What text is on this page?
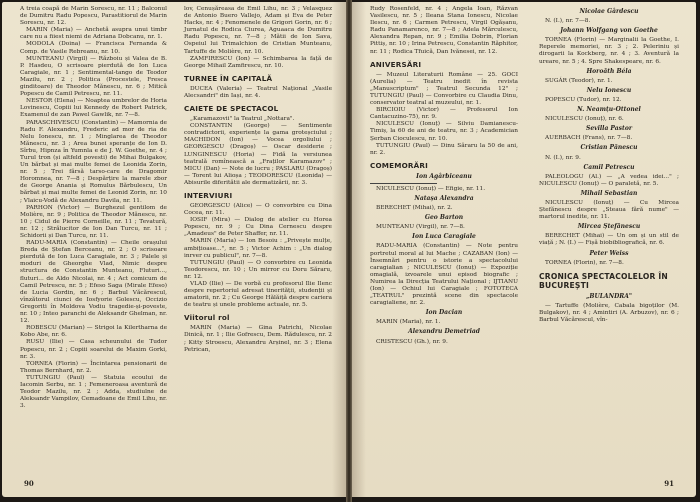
A treia coapă de Marin Sorescu, nr. 11 ; Balconul de Dumitru Radu Popescu, Parastitiorul de Marin Sorescu, nr. 12.

MARIN (Maria) — Anchetă asupra unui timbr care nu a fiiest niemi de Adriana Dobcanu, nr. 1.

MODOLA (Doina) — Francisca Fernanda & Comp. de Vasile Rebreanu, nr. 10.

MUNTEANU (Virgil) — Războiu și Valea de B. P. Hasdeu, O scrisoare pierdută de Ion Luca Caragiale, nr. 1 ; Sentimental-tango de Teodor Mazilu, nr. 2 ; Politica (Procestele, Fresca ginditoare) de Theodor Mănescu, nr. 6 ; Mitică Popescu de Camil Petrescu, nr. 11.

NESTOR (Elena) — Noaptea umbrelor de Horia Lovinescu, Copiii lui Kennedy de Robert Patrick, Examenul de zan Pawel Gawlik, nr. 7—8.

PARASCHIVESCU (Constantin) — Mamornia de Radu F. Alexandru, Frederic ad mor de ria de Nelu Ionescu, nr. 1 ; Minglarea de Theodor Mănescu, nr. 3 ; Area bunei speranțe de Ion D. Sîrbu, Hipnza în Yumnla e de J. W. Goethe, nr. 4 ; Turul tron (și altfeld povesti) de Mihai Bulgakov, Un bărbat și mai multe femei de Leonida Zorin, nr. 5 ; Trei fărsă tarso-care de Dragomir Horomnea, nr. 7—8 ; Despărțire la marele zbor de George Anania și Romulus Bărbulescu, Un bărbat și mai multe femei de Leonid Zorin, nr. 10 ; Vlaicu-Vodă de Alexandru Davila, nr. 11.

PARHON (Victor) — Burghezul gentilom de Molière, nr. 9 ; Politica de Theodor Mănescu, nr. 10 ; Cidul de Pierre Corneille, nr. 11 ; Tevatură, nr. 12 ; Strălucitor de Ion Dan Turcu, nr. 11 ; Schidorii și Dan Turcu, nr. 11.

RADU-MARIA (Constantin) — Cheile orașului Breda de Ștefan Berceanu, nr. 2 ; O scrisoare pierdută de Ion Luca Caragiale, nr. 3 ; Palele și moduri de Gheorghe Vlad, Nimic despre structura de Constantin Munteanu, Fluturi..., fluturi... de Aldo Nicolai, nr. 4 ; Act comicum de Camil Petrescu, nr. 5 ; Efeso Saga (Mirale Efeso) de Lucia Gordin, nr. 6 ; Barbul Văcărescul, vînzătorul ciunci de Iosfyorie Golescu, Occizio Gregoriti în Moldova Vodiu tragedie-și-poveste, nr. 10 ; Inteo paranchi de Aleksandr Ghelman, nr. 12.

ROBESCU (Marian) — Strigoi la Kilertharna de Kobo Abe, nr. 6.

RUSU (Ilie) — Casa scheunului de Tudor Popescu, nr. 2 ; Copiii soarelui de Maxim Gorki, nr. 3.

TORNEA (Florin) — Încintarea pensionarii de Thomas Bernhard, nr. 2.

TUTUNGIU (Paul) — Statuia ecoului de Iacomin Serbu, nr. 1 ; Femeneroasa aventură de Teodor Mazilu, nr. 2 ; Adda, studiulne de Aleksandr Vampilov, Cemadoane de Emil Lihu, nr. 3.

lov, Cenușăreasa de Emil Lihu, nr. 3 ; Velasquez de Antonio Buero Vallejo, Adam și Eva de Peter Hacks, nr. 4 ; Fenomenele de Grigori Gorin, nr. 6 ; Jurnatul de Rodica Ciurea, Aguaaca de Dumitru Radu Popescu, nr. 7—8 ; Mătii de Ion Sava, Ospeiul lui Trimalchion de Cristian Munteanu, Tartuffe de Molière, nr. 10.

ZAMFIRESCU (Ion) — Schimbarea la față de George Mihail Zamfirescu, nr. 10.

TURNEE ÎN CAPITALĂ

DUCEA (Valeria) — Teatrul Național „Vasile Alecsandri" din Iași, nr. 4.

CAIETE DE SPECTACOL

„Karamazovii" la Teatrul „Nottara".

CONSTANTIN (George) — Sentimente contradictorii, experiențe la gama groteșciului ; MACHIDON (Ion) — Vocea orgoliului ; GEORGESCU (Dragoș) — Oscar desiderie ; LUNGINESCU (Horia) — Fidă la versiunea teatrală romînească a „Fraților Karamazov" ; MICU (Dan) — Note de lucru ; PASLARU (Dragoș) — Torent lui Alioșa ; TEODORESCU (Leonida) — Abisurile diferitătii ale dermatizării, nr. 3.

INTERVIURI

GEORGESCU (Alice) — O convorbire cu Dina Cocea, nr. 11.

IOSIF (Mira) — Dialog de atelier cu Horea Popescu, nr. 9 ; Cu Dina Cernescu despre „Amadeus" de Peter Shaffer, nr. 11.

MARIN (Maria) — Ion Besoiu : „Privește mulțe, ambițioase...", nr. 5 ; Victor Achim : „Un dialog inrver cu publicul", nr. 7—8.

TUTUNGIU (Paul) — O convorbire cu Leonida Teodorescu, nr. 10 ; Un mirror cu Doru Săraru, nr. 12.

VLAD (Ilie) — De vorbă cu profesorul Ilie Ilenc despre repertoriul adresat tinerității, studenții și amatorii, nr. 2 ; Cu George Hălăiță despre cariera de teatru și unele probleme actuale, nr. 5.

Viitorul rol

MARIN (Maria) — Gina Patrichi, Nicolae Dinică, nr. 1 ; Ilie Gofrescu, Dem. Rădulescu, nr. 2 ; Kitty Stroescu, Alexandru Arșinel, nr. 3 ; Elena Petrican,

90

Rudy Rosenfeld, nr. 4 ; Angela Ioan, Răzvan Vasilescu, nr. 5 ; Ileana Stana Ionescu, Nicolae Ilescu, nr. 6 ; Carmen Petrescu, Virgil Ogășanu, Radu Panamarenco, nr. 7—8 ; Adela Mărculescu, Alexandra Repan, nr. 9 ; Emilia Dobrin, Florian Pittiș, nr. 10 ; Irina Petrescu, Constantin Răphitor, nr. 11 ; Rodica Tfuică, Dan Ivănesei, nr. 12.

ANIVERSĂRI

— Muzeul Literaturii Române — 25. GOCI (Aurelia) — Teatru inedit în revista „Manuscriptum" ; Teatrul Secunda 12" ; TUTUNGIU (Paul) — Convorbire cu Claudia Dinu, conservator teatral al muzeului, nr. 1.

BIRCIOIU (Victor) — Profesorul Ion Cantacuzino-75), nr. 9.

NICULESCU (Ionuț) — Silviu Damianescu-Timiș, la 60 de ani de teatru, nr. 3 ; Academician Șerban Cioculescu, nr. 10.

TUTUNGIU (Paul) — Dinu Săraru la 50 de ani, nr. 2.

COMEMORĂRI
Ion Agârbiceanu

NICULESCU (Ionuț) — Efigie, nr. 11.

Natașa Alexandra

BERECHET (Mihai), nr. 2.

Geo Barton

MUNTEANU (Virgil), nr. 7—8.

Ion Luca Caragiale

RADU-MARIA (Constantin) — Note pentru portretul moral al lui Mache ; CAZABAN (Ion) — Însemnări pentru o istorie a spectacolului caragialian ; NICULESCU (Ionuț) — Expoziție omagială, izvoarele unui episod biografic ; Numirea la Direcția Teatrului Național ; IJTIANU (Ion) — Ochiul lui Caragiale ; FOTOTECA „TEATRUL" prezintă scene din spectacole caragialiene, nr. 2.

Ion Dacian

MARIN (Maria), nr. 1.

Alexandru Demetriad

CRISTESCU (Gh.), nr. 9.

Nicolae Gârdescu

N. (I.), nr. 7—8.

Johann Wolfgang von Goethe

TORNEA (Florin) — Marginalii la Goethe, I. Reperele memoriei, nr. 3 ; 2. Peleriniu și dirogarii la Kockberg, nr. 4 ; 3. Aventură la ureare, nr. 5 ; 4. Spre Shakespeare, nr. 6.

Horoăth Béla

SUGÁR (Teodor), nr. 1.

Nelu Ionescu

POPESCU (Tudor), nr. 12.

N. Neamțu-Ottonel

NICULESCU (Ionuț), nr. 6.

Sevilla Pastor

AUERBACH (Frans), nr. 7—8.

Cristian Pănescu

N. (I.), nr. 9.

Camil Petrescu

PALEOLOGU (Al.) — „A vedea idei..." ; NICULESCU (Ionuț) — O paraletă, nr. 5.

Mihail Sebastian

NICULESCU (Ionuț) — Cu Mircea Ștefănescu despre „Steaua fără nume" — martorul inedite, nr. 11.

Mircea Ștefănescu

BERECHET (Mihai) — Un om și un stil de viață ; N. (I.) — Fișă biobibliografică, nr. 6.

Peter Weiss

TORNEA (Florin), nr. 7—8.

CRONICA SPECTACOLELOR ÎN BUCUREȘTI
„BULANDRA"

— Tartuffe (Molière, Cabala bigoților (M. Bulgakov), nr. 4 ; Amintiri (A. Arbuzov), nr. 6 ; Barbul Văcărescul, vîn-

91
